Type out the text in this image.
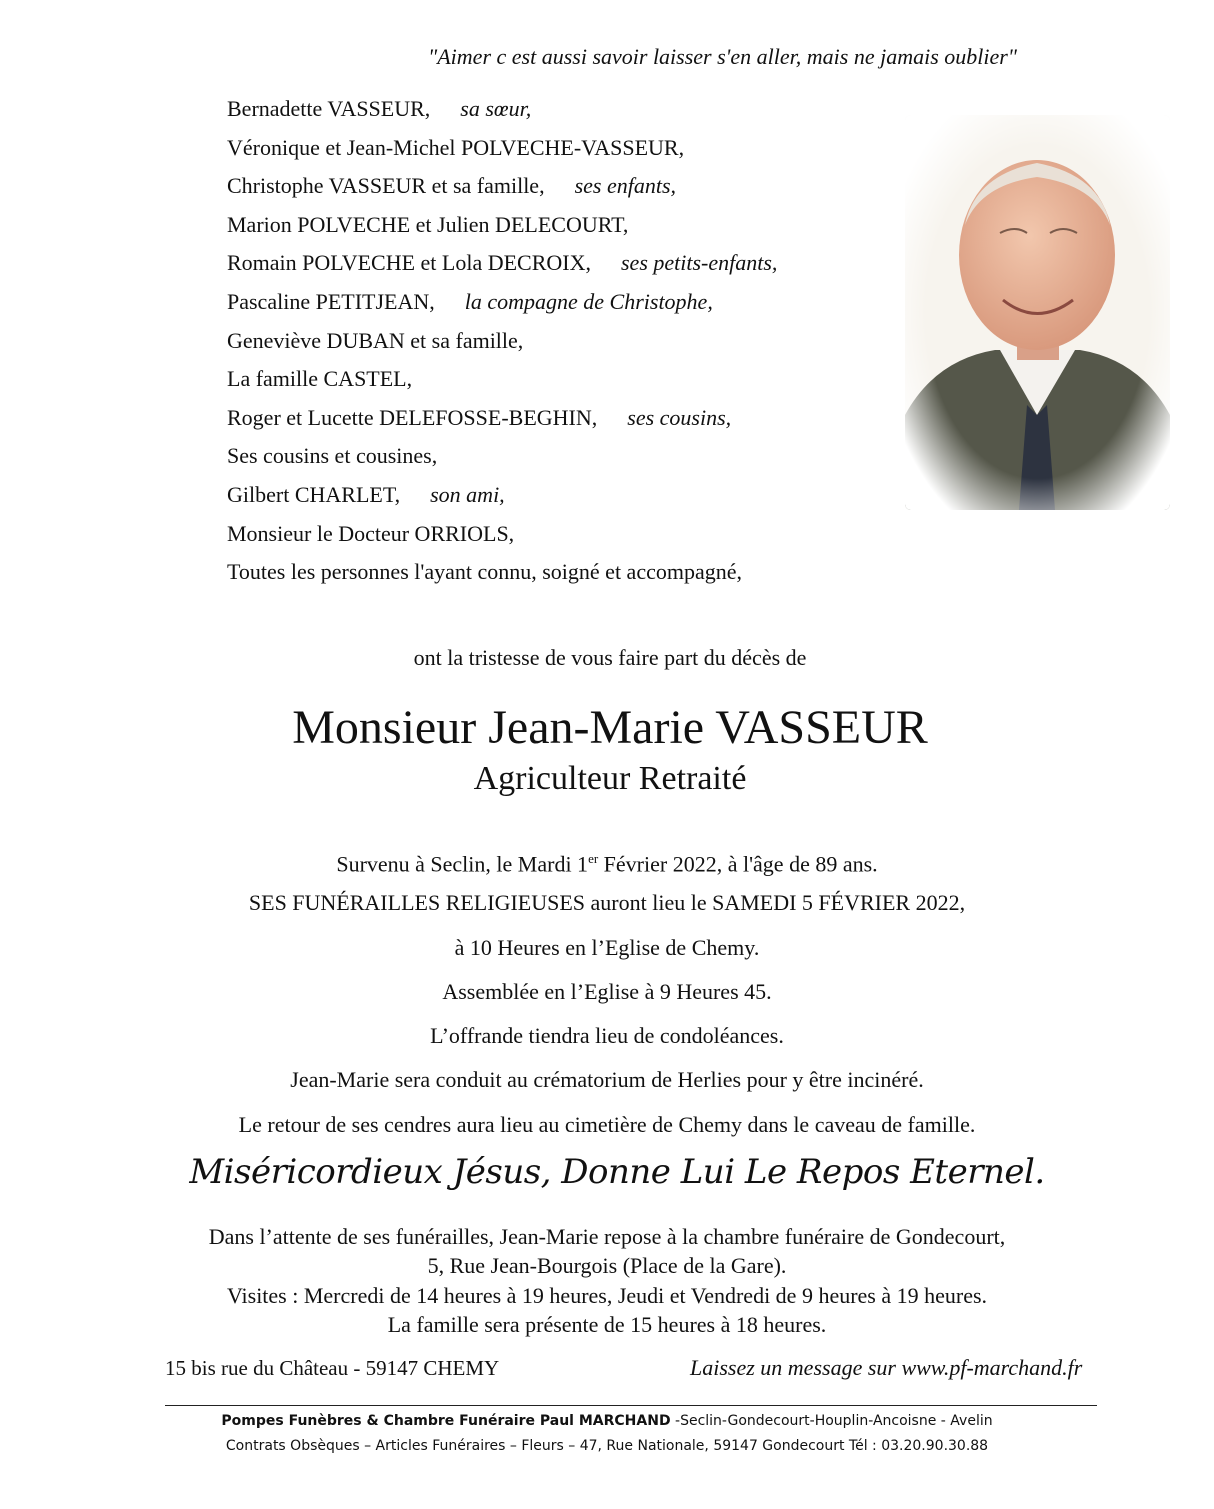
"Aimer c est aussi savoir laisser s'en aller, mais ne jamais oublier"
Bernadette VASSEUR, sa sœur,
Véronique et Jean-Michel POLVECHE-VASSEUR,
Christophe VASSEUR et sa famille, ses enfants,
Marion POLVECHE et Julien DELECOURT,
Romain POLVECHE et Lola DECROIX, ses petits-enfants,
Pascaline PETITJEAN, la compagne de Christophe,
Geneviève DUBAN et sa famille,
La famille CASTEL,
Roger et Lucette DELEFOSSE-BEGHIN, ses cousins,
Ses cousins et cousines,
Gilbert CHARLET, son ami,
Monsieur le Docteur ORRIOLS,
Toutes les personnes l'ayant connu, soigné et accompagné,
ont la tristesse de vous faire part du décès de
Monsieur Jean-Marie VASSEUR
Agriculteur Retraité
Survenu à Seclin, le Mardi 1er Février 2022, à l'âge de 89 ans.
SES FUNÉRAILLES RELIGIEUSES auront lieu le SAMEDI 5 FÉVRIER 2022,
à 10 Heures en l’Eglise de Chemy.
Assemblée en l’Eglise à 9 Heures 45.
L’offrande tiendra lieu de condoléances.
Jean-Marie sera conduit au crématorium de Herlies pour y être incinéré.
Le retour de ses cendres aura lieu au cimetière de Chemy dans le caveau de famille.
Miséricordieux Jésus, Donne Lui Le Repos Eternel.
Dans l’attente de ses funérailles, Jean-Marie repose à la chambre funéraire de Gondecourt,
5, Rue Jean-Bourgois (Place de la Gare).
Visites : Mercredi de 14 heures à 19 heures, Jeudi et Vendredi de 9 heures à 19 heures.
La famille sera présente de 15 heures à 18 heures.
15 bis rue du Château - 59147 CHEMY	Laissez un message sur www.pf-marchand.fr
Pompes Funèbres & Chambre Funéraire Paul MARCHAND -Seclin-Gondecourt-Houplin-Ancoisne - Avelin
Contrats Obsèques – Articles Funéraires – Fleurs – 47, Rue Nationale, 59147 Gondecourt Tél : 03.20.90.30.88
